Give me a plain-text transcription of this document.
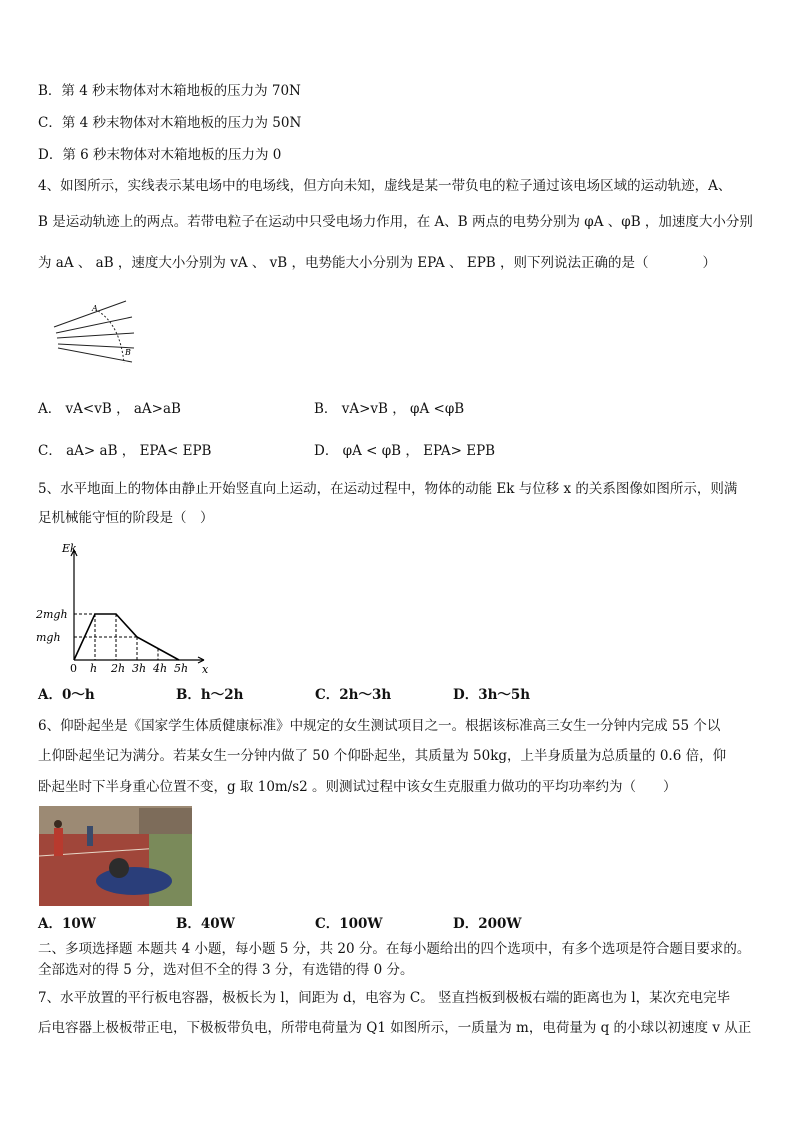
B．第 4 秒末物体对木箱地板的压力为 70N
C．第 4 秒末物体对木箱地板的压力为 50N
D．第 6 秒末物体对木箱地板的压力为 0
4、如图所示，实线表示某电场中的电场线，但方向未知，虚线是某一带负电的粒子通过该电场区域的运动轨迹，A、
B 是运动轨迹上的两点。若带电粒子在运动中只受电场力作用，在 A、B 两点的电势分别为 φA 、φB ，加速度大小分别
为 aA 、 aB ，速度大小分别为 vA 、 vB ，电势能大小分别为 EPA 、 EPB ，则下列说法正确的是（　　　　）
A
B
A． vA<vB ， aA>aB	B． vA>vB ， φA <φB
C． aA> aB ， EPA< EPB	D． φA < φB ， EPA> EPB
5、水平地面上的物体由静止开始竖直向上运动，在运动过程中，物体的动能 Ek 与位移 x 的关系图像如图所示，则满
足机械能守恒的阶段是（　）
Ek
0 h 2h 3h 4h 5h x
mgh
2mgh
A．0～h	B．h～2h	C．2h～3h	D．3h～5h
6、仰卧起坐是《国家学生体质健康标准》中规定的女生测试项目之一。根据该标准高三女生一分钟内完成 55 个以
上仰卧起坐记为满分。若某女生一分钟内做了 50 个仰卧起坐，其质量为 50kg，上半身质量为总质量的 0.6 倍，仰
卧起坐时下半身重心位置不变，g 取 10m/s2 。则测试过程中该女生克服重力做功的平均功率约为（　　）
A．10W	B．40W	C．100W	D．200W
二、多项选择题 本题共 4 小题，每小题 5 分，共 20 分。在每小题给出的四个选项中，有多个选项是符合题目要求的。
全部选对的得 5 分，选对但不全的得 3 分，有选错的得 0 分。
7、水平放置的平行板电容器，极板长为 l，间距为 d，电容为 C。 竖直挡板到极板右端的距离也为 l，某次充电完毕
后电容器上极板带正电，下极板带负电，所带电荷量为 Q1 如图所示，一质量为 m，电荷量为 q 的小球以初速度 v 从正
